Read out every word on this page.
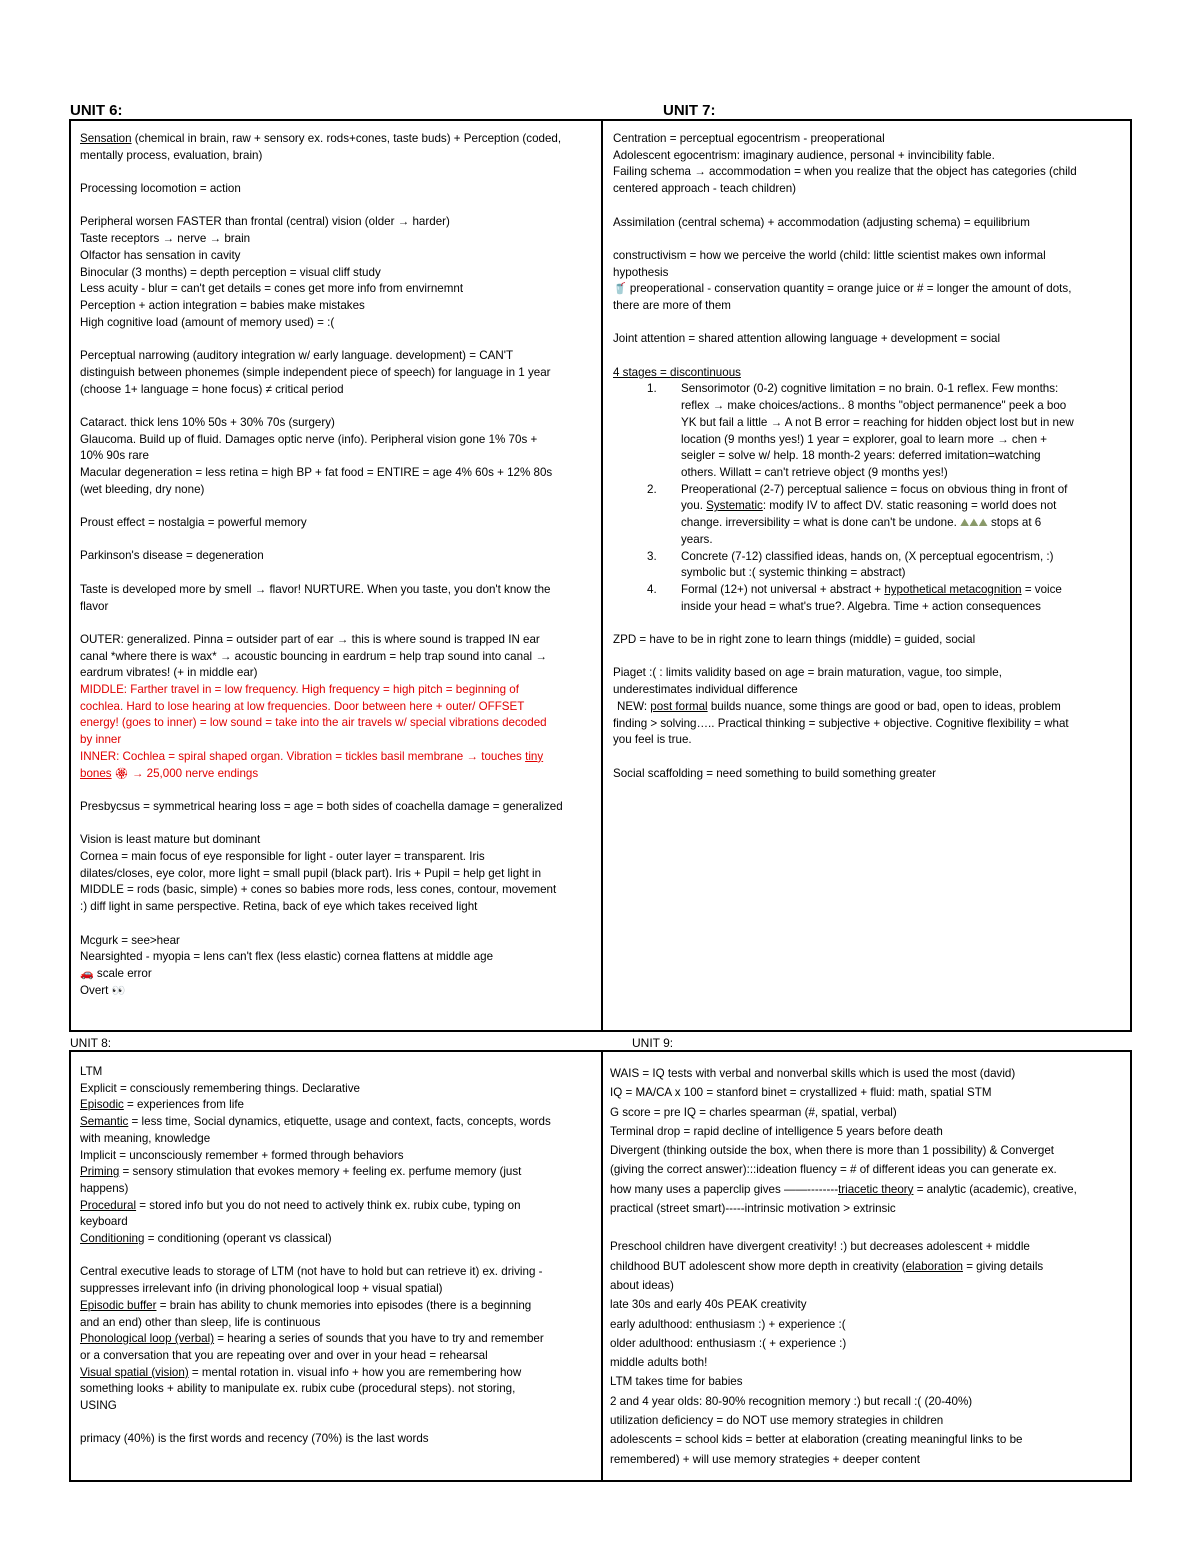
UNIT 6:	UNIT 7:
UNIT 8:	UNIT 9:
Sensation (chemical in brain, raw + sensory ex. rods+cones, taste buds) + Perception (coded,
mentally process, evaluation, brain)
Processing locomotion = action
Peripheral worsen FASTER than frontal (central) vision (older → harder)
Taste receptors → nerve → brain
Olfactor has sensation in cavity
Binocular (3 months) = depth perception = visual cliff study
Less acuity - blur = can't get details = cones get more info from envirnemnt
Perception + action integration = babies make mistakes
High cognitive load (amount of memory used) = :(
Perceptual narrowing (auditory integration w/ early language. development) = CAN'T
distinguish between phonemes (simple independent piece of speech) for language in 1 year
(choose 1+ language = hone focus) ≠ critical period
Cataract. thick lens 10% 50s + 30% 70s (surgery)
Glaucoma. Build up of fluid. Damages optic nerve (info). Peripheral vision gone 1% 70s +
10% 90s rare
Macular degeneration = less retina = high BP + fat food = ENTIRE = age 4% 60s + 12% 80s
(wet bleeding, dry none)
Proust effect = nostalgia = powerful memory
Parkinson's disease = degeneration
Taste is developed more by smell → flavor! NURTURE. When you taste, you don't know the
flavor
OUTER: generalized. Pinna = outsider part of ear → this is where sound is trapped IN ear
canal *where there is wax* → acoustic bouncing in eardrum = help trap sound into canal →
eardrum vibrates! (+ in middle ear)
MIDDLE: Farther travel in = low frequency. High frequency = high pitch = beginning of
cochlea. Hard to lose hearing at low frequencies. Door between here + outer/ OFFSET
energy! (goes to inner) = low sound = take into the air travels w/ special vibrations decoded
by inner
INNER: Cochlea = spiral shaped organ. Vibration = tickles basil membrane → touches tiny
bones 🏵 → 25,000 nerve endings
Presbycsus = symmetrical hearing loss = age = both sides of coachella damage = generalized
Vision is least mature but dominant
Cornea = main focus of eye responsible for light - outer layer = transparent. Iris
dilates/closes, eye color, more light = small pupil (black part). Iris + Pupil = help get light in
MIDDLE = rods (basic, simple) + cones so babies more rods, less cones, contour, movement
:) diff light in same perspective. Retina, back of eye which takes received light
Mcgurk = see>hear
Nearsighted - myopia = lens can't flex (less elastic) cornea flattens at middle age
🚗 scale error
Overt 👀
Centration = perceptual egocentrism - preoperational
Adolescent egocentrism: imaginary audience, personal + invincibility fable.
Failing schema → accommodation = when you realize that the object has categories (child
centered approach - teach children)
Assimilation (central schema) + accommodation (adjusting schema) = equilibrium
constructivism = how we perceive the world (child: little scientist makes own informal
hypothesis
🥤 preoperational - conservation quantity = orange juice or # = longer the amount of dots,
there are more of them
Joint attention = shared attention allowing language + development = social
4 stages = discontinuous
1. Sensorimotor (0-2) cognitive limitation = no brain. 0-1 reflex. Few months:
reflex → make choices/actions.. 8 months "object permanence" peek a boo
YK but fail a little → A not B error = reaching for hidden object lost but in new
location (9 months yes!) 1 year = explorer, goal to learn more → chen +
seigler = solve w/ help. 18 month-2 years: deferred imitation=watching
others. Willatt = can't retrieve object (9 months yes!)
2. Preoperational (2-7) perceptual salience = focus on obvious thing in front of
you. Systematic: modify IV to affect DV. static reasoning = world does not
change. irreversibility = what is done can't be undone. ⛰⛰⛰ stops at 6
years.
3. Concrete (7-12) classified ideas, hands on, (X perceptual egocentrism, :)
symbolic but :( systemic thinking = abstract)
4. Formal (12+) not universal + abstract + hypothetical metacognition = voice
inside your head = what's true?. Algebra. Time + action consequences
ZPD = have to be in right zone to learn things (middle) = guided, social
Piaget :( : limits validity based on age = brain maturation, vague, too simple,
underestimates individual difference
NEW: post formal builds nuance, some things are good or bad, open to ideas, problem
finding > solving….. Practical thinking = subjective + objective. Cognitive flexibility = what
you feel is true.
Social scaffolding = need something to build something greater
LTM
Explicit = consciously remembering things. Declarative
Episodic = experiences from life
Semantic = less time, Social dynamics, etiquette, usage and context, facts, concepts, words
with meaning, knowledge
Implicit = unconsciously remember + formed through behaviors
Priming = sensory stimulation that evokes memory + feeling ex. perfume memory (just
happens)
Procedural = stored info but you do not need to actively think ex. rubix cube, typing on
keyboard
Conditioning = conditioning (operant vs classical)
Central executive leads to storage of LTM (not have to hold but can retrieve it) ex. driving -
suppresses irrelevant info (in driving phonological loop + visual spatial)
Episodic buffer = brain has ability to chunk memories into episodes (there is a beginning
and an end) other than sleep, life is continuous
Phonological loop (verbal) = hearing a series of sounds that you have to try and remember
or a conversation that you are repeating over and over in your head = rehearsal
Visual spatial (vision) = mental rotation in. visual info + how you are remembering how
something looks + ability to manipulate ex. rubix cube (procedural steps). not storing,
USING
primacy (40%) is the first words and recency (70%) is the last words
WAIS = IQ tests with verbal and nonverbal skills which is used the most (david)
IQ = MA/CA x 100 = stanford binet = crystallized + fluid: math, spatial STM
G score = pre IQ = charles spearman (#, spatial, verbal)
Terminal drop = rapid decline of intelligence 5 years before death
Divergent (thinking outside the box, when there is more than 1 possibility) & Converget
(giving the correct answer):::ideation fluency = # of different ideas you can generate ex.
how many uses a paperclip gives ——--------triacetic theory = analytic (academic), creative,
practical (street smart)-----intrinsic motivation > extrinsic
Preschool children have divergent creativity! :) but decreases adolescent + middle
childhood BUT adolescent show more depth in creativity (elaboration = giving details
about ideas)
late 30s and early 40s PEAK creativity
early adulthood: enthusiasm :) + experience :(
older adulthood: enthusiasm :( + experience :)
middle adults both!
LTM takes time for babies
2 and 4 year olds: 80-90% recognition memory :) but recall :( (20-40%)
utilization deficiency = do NOT use memory strategies in children
adolescents = school kids = better at elaboration (creating meaningful links to be
remembered) + will use memory strategies + deeper content
